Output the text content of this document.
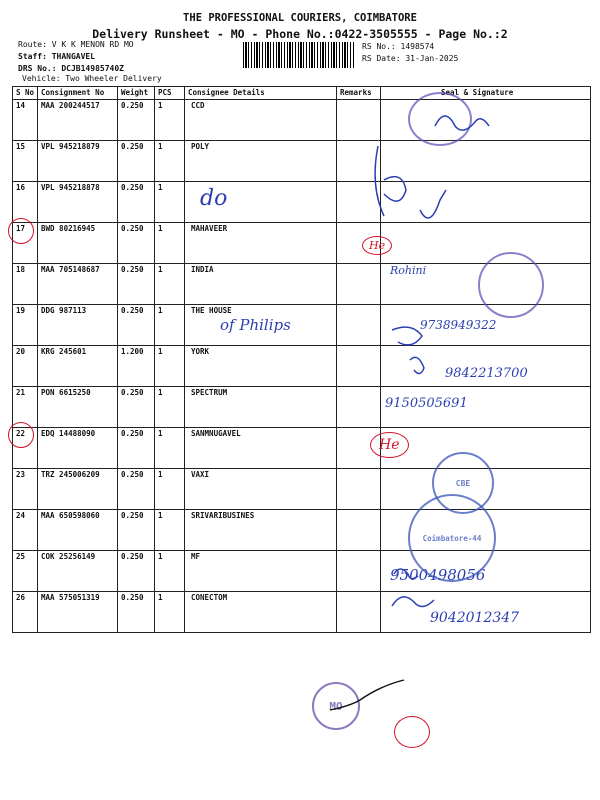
THE PROFESSIONAL COURIERS, COIMBATORE
Delivery Runsheet - MO - Phone No.:0422-3505555 - Page No.:2
Route: V K K MENON RD MO
Staff: THANGAVEL
DRS No.: DCJB14985740Z
Vehicle: Two Wheeler Delivery
RS No.: 1498574
RS Date: 31-Jan-2025
S No	Consignment No	Weight	PCS	Consignee Details	Remarks	Seal & Signature
14	MAA 200244517	0.250	1	CCD		
15	VPL 945218879	0.250	1	POLY		
16	VPL 945218878	0.250	1			
17	BWD 80216945	0.250	1	MAHAVEER		
18	MAA 705148687	0.250	1	INDIA		
19	DDG 987113	0.250	1	THE HOUSE		
20	KRG 245601	1.200	1	YORK		
21	PON 6615250	0.250	1	SPECTRUM		
22	EDQ 14488090	0.250	1	SANMNUGAVEL		
23	TRZ 245006209	0.250	1	VAXI		
24	MAA 650598060	0.250	1	SRIVARIBUSINES		
25	COK 25256149	0.250	1	MF		
26	MAA 575051319	0.250	1	CONECTOM		
do
of Philips
Rohini
9738949322
9842213700
9150505691
9500498056
9042012347
He
He
CBE
Coimbatore-44
MO
